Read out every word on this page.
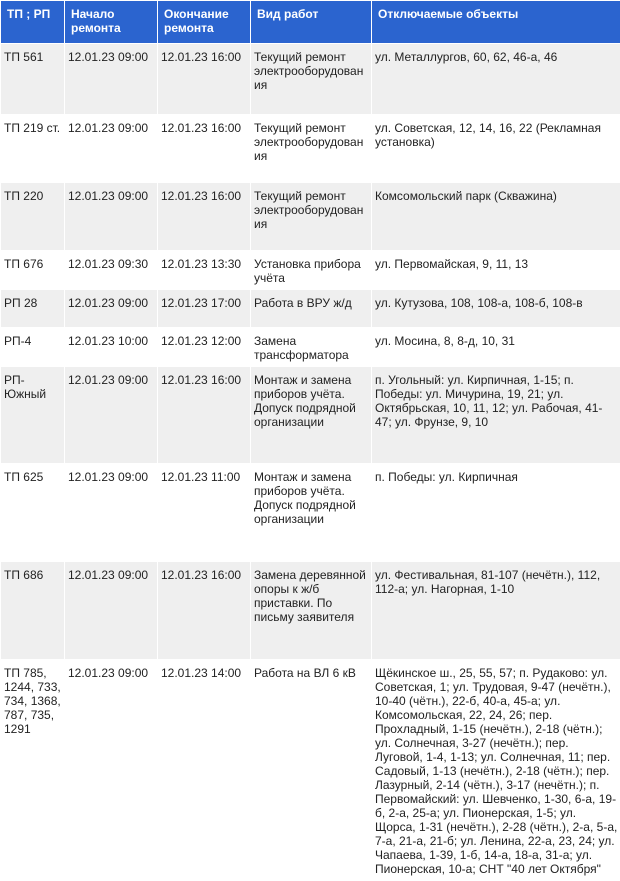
ТП ; РП	Начало ремонта	Окончание ремонта	Вид работ	Отключаемые объекты
ТП 561	12.01.23 09:00	12.01.23 16:00	Текущий ремонт электрооборудования	ул. Металлургов, 60, 62, 46-а, 46
ТП 219 ст.	12.01.23 09:00	12.01.23 16:00	Текущий ремонт электрооборудования	ул. Советская, 12, 14, 16, 22 (Рекламная установка)
ТП 220	12.01.23 09:00	12.01.23 16:00	Текущий ремонт электрооборудования	Комсомольский парк (Скважина)
ТП 676	12.01.23 09:30	12.01.23 13:30	Установка прибора учёта	ул. Первомайская, 9, 11, 13
РП 28	12.01.23 09:00	12.01.23 17:00	Работа в ВРУ ж/д	ул. Кутузова, 108, 108-а, 108-б, 108-в
РП-4	12.01.23 10:00	12.01.23 12:00	Замена трансформатора	ул. Мосина, 8, 8-д, 10, 31
РП-Южный	12.01.23 09:00	12.01.23 16:00	Монтаж и замена приборов учёта. Допуск подрядной организации	п. Угольный: ул. Кирпичная, 1-15; п. Победы: ул. Мичурина, 19, 21; ул. Октябрьская, 10, 11, 12; ул. Рабочая, 41-47; ул. Фрунзе, 9, 10
ТП 625	12.01.23 09:00	12.01.23 11:00	Монтаж и замена приборов учёта. Допуск подрядной организации	п. Победы: ул. Кирпичная
ТП 686	12.01.23 09:00	12.01.23 16:00	Замена деревянной опоры к ж/б приставки. По письму заявителя	ул. Фестивальная, 81-107 (нечётн.), 112, 112-а; ул. Нагорная, 1-10
ТП 785, 1244, 733, 734, 1368, 787, 735, 1291	12.01.23 09:00	12.01.23 14:00	Работа на ВЛ 6 кВ	Щёкинское ш., 25, 55, 57; п. Рудаково: ул. Советская, 1; ул. Трудовая, 9-47 (нечётн.), 10-40 (чётн.), 22-б, 40-а, 45-а; ул. Комсомольская, 22, 24, 26; пер. Прохладный, 1-15 (нечётн.), 2-18 (чётн.); ул. Солнечная, 3-27 (нечётн.); пер. Луговой, 1-4, 1-13; ул. Солнечная, 11; пер. Садовый, 1-13 (нечётн.), 2-18 (чётн.); пер. Лазурный, 2-14 (чётн.), 3-17 (нечётн.); п. Первомайский: ул. Шевченко, 1-30, 6-а, 19-б, 2-а, 25-а; ул. Пионерская, 1-5; ул. Щорса, 1-31 (нечётн.), 2-28 (чётн.), 2-а, 5-а, 7-а, 21-а, 21-б; ул. Ленина, 22-а, 23, 24; ул. Чапаева, 1-39, 1-б, 14-а, 18-а, 31-а; ул. Пионерская, 10-а; СНТ "40 лет Октября"
